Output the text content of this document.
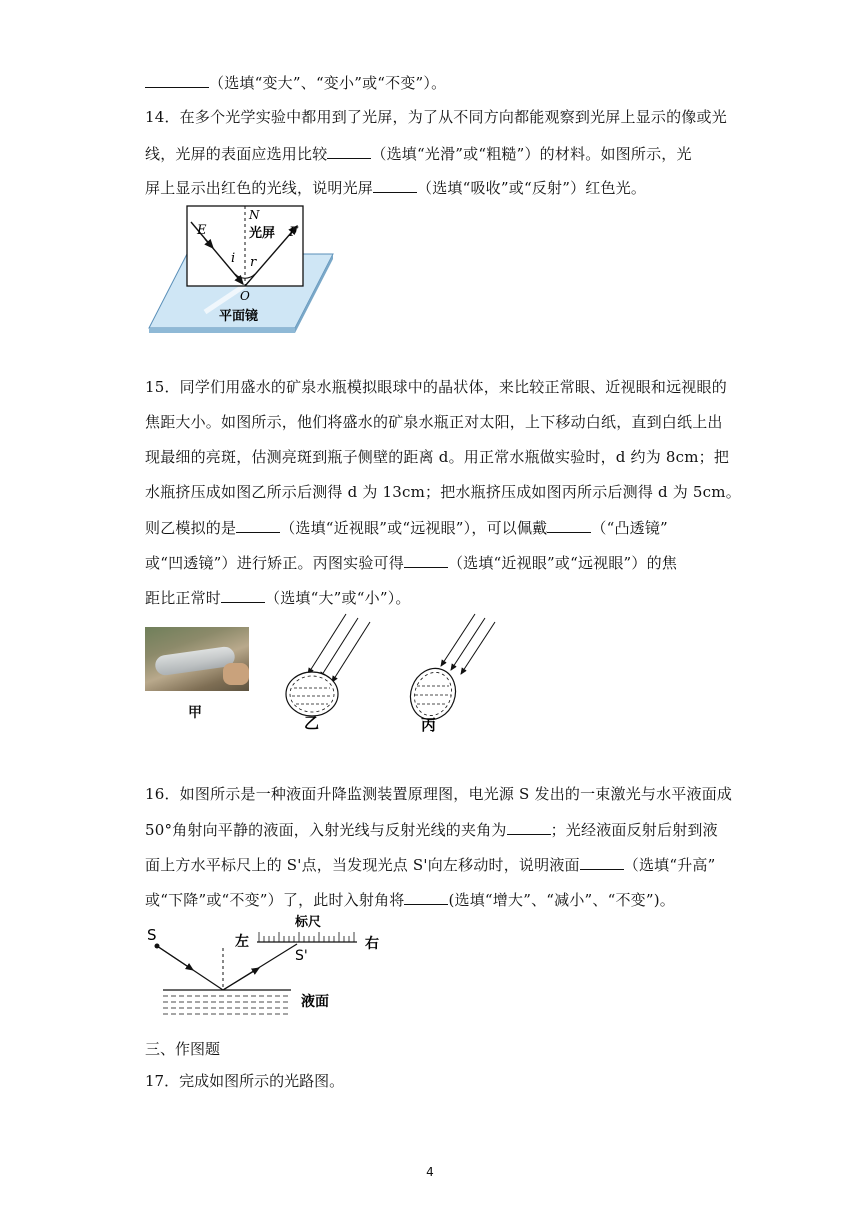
（选填“变大”、“变小”或“不变”）。
14．在多个光学实验中都用到了光屏，为了从不同方向都能观察到光屏上显示的像或光
线，光屏的表面应选用比较	（选填“光滑”或“粗糙”）的材料。如图所示，光
屏上显示出红色的光线，说明光屏	（选填“吸收”或“反射”）红色光。
E
N
光屏 F
i r
O
平面镜
15．同学们用盛水的矿泉水瓶模拟眼球中的晶状体，来比较正常眼、近视眼和远视眼的
焦距大小。如图所示，他们将盛水的矿泉水瓶正对太阳，上下移动白纸，直到白纸上出
现最细的亮斑，估测亮斑到瓶子侧壁的距离 d。用正常水瓶做实验时，d 约为 8cm；把
水瓶挤压成如图乙所示后测得 d 为 13cm；把水瓶挤压成如图丙所示后测得 d 为 5cm。
则乙模拟的是	（选填“近视眼”或“远视眼”），可以佩戴	（“凸透镜”
或“凹透镜”）进行矫正。丙图实验可得	（选填“近视眼”或“远视眼”）的焦
距比正常时	（选填“大”或“小”）。
甲
乙	丙
16．如图所示是一种液面升降监测装置原理图，电光源 S 发出的一束激光与水平液面成
50°角射向平静的液面，入射光线与反射光线的夹角为	；光经液面反射后射到液
面上方水平标尺上的 S'点，当发现光点 S'向左移动时，说明液面	（选填“升高”
或“下降”或“不变”）了，此时入射角将	(选填“增大”、“减小”、“不变”)。
S	左
标尺
右
S'
液面
三、作图题
17．完成如图所示的光路图。
4
